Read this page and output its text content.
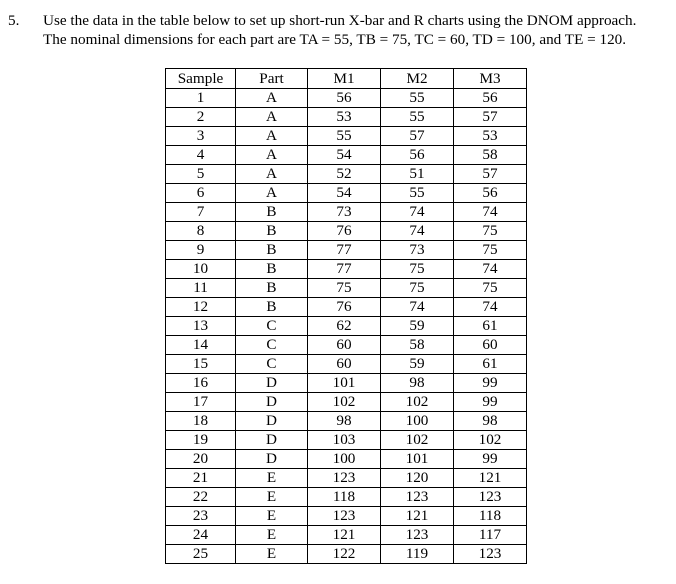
5. Use the data in the table below to set up short-run X-bar and R charts using the DNOM approach.
The nominal dimensions for each part are TA = 55, TB = 75, TC = 60, TD = 100, and TE = 120.
Sample	Part	M1	M2	M3
1	A	56	55	56
2	A	53	55	57
3	A	55	57	53
4	A	54	56	58
5	A	52	51	57
6	A	54	55	56
7	B	73	74	74
8	B	76	74	75
9	B	77	73	75
10	B	77	75	74
11	B	75	75	75
12	B	76	74	74
13	C	62	59	61
14	C	60	58	60
15	C	60	59	61
16	D	101	98	99
17	D	102	102	99
18	D	98	100	98
19	D	103	102	102
20	D	100	101	99
21	E	123	120	121
22	E	118	123	123
23	E	123	121	118
24	E	121	123	117
25	E	122	119	123
